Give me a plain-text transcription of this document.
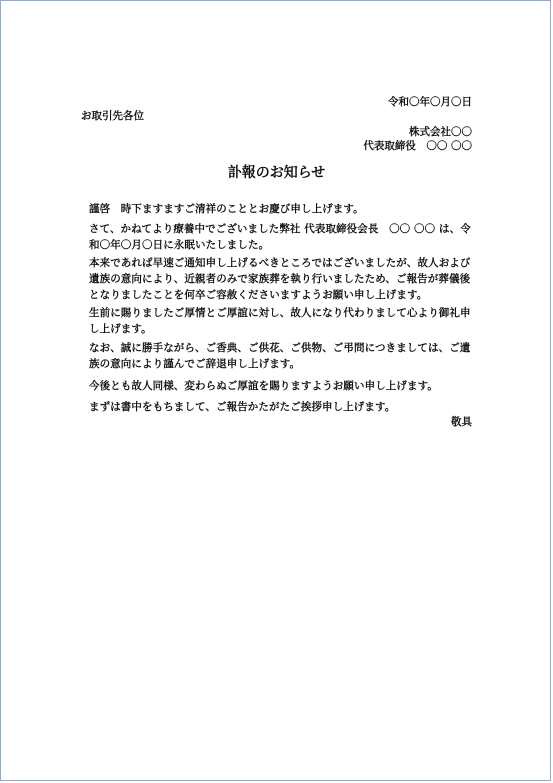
令和〇年〇月〇日
お取引先各位
株式会社〇〇
代表取締役　〇〇 〇〇
訃報のお知らせ
謹啓　時下ますますご清祥のこととお慶び申し上げます。
さて、かねてより療養中でございました弊社 代表取締役会長　〇〇 〇〇 は、令和〇年〇月〇日に永眠いたしました。
本来であれば早速ご通知申し上げるべきところではございましたが、故人および遺族の意向により、近親者のみで家族葬を執り行いましたため、ご報告が葬儀後となりましたことを何卒ご容赦くださいますようお願い申し上げます。
生前に賜りましたご厚情とご厚誼に対し、故人になり代わりまして心より御礼申し上げます。
なお、誠に勝手ながら、ご香典、ご供花、ご供物、ご弔問につきましては、ご遺族の意向により謹んでご辞退申し上げます。
今後とも故人同様、変わらぬご厚誼を賜りますようお願い申し上げます。
まずは書中をもちまして、ご報告かたがたご挨拶申し上げます。
敬具
